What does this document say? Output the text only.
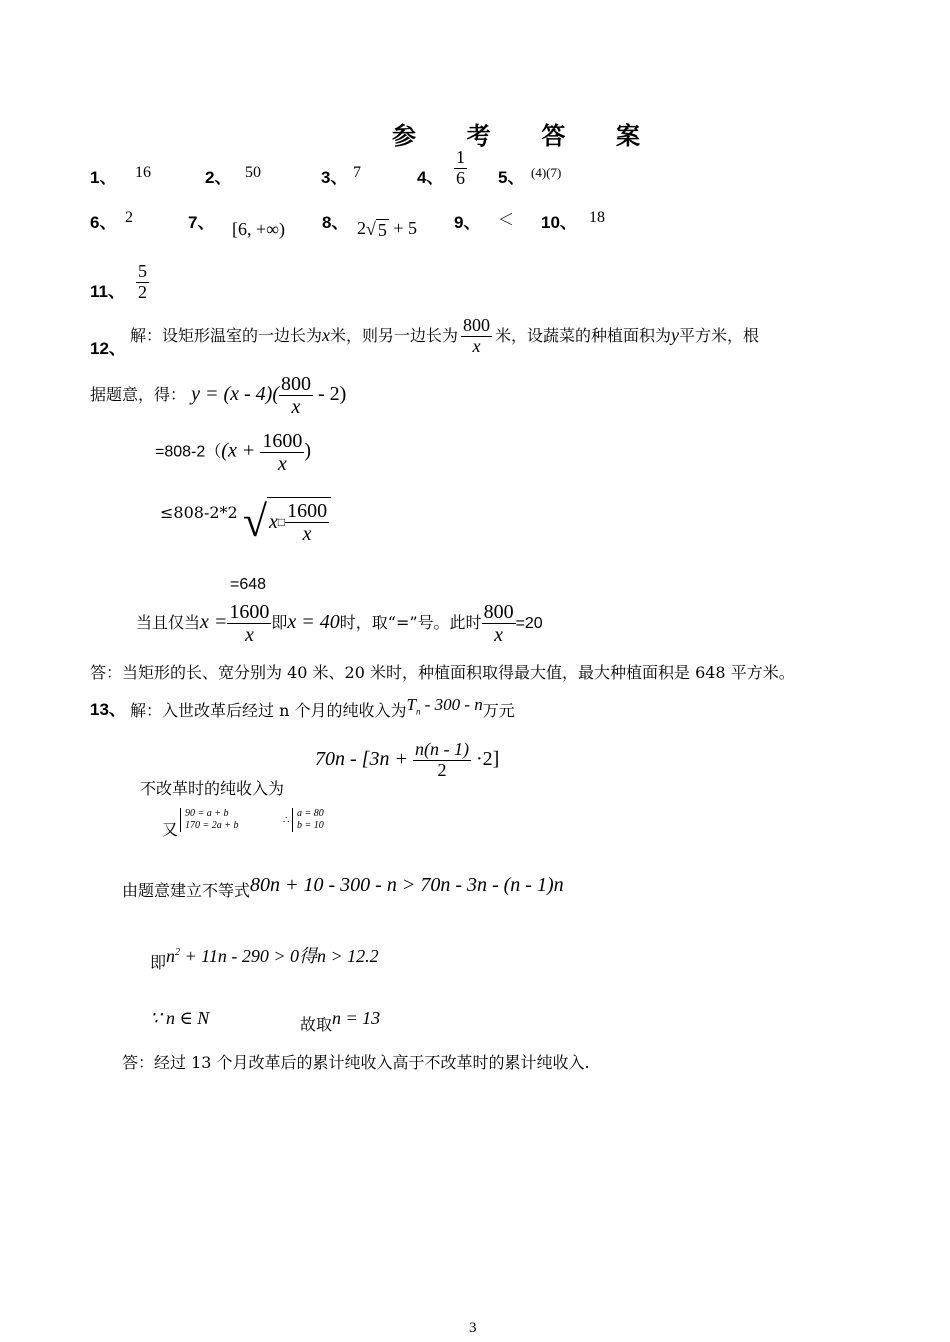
参 考 答 案
1、 16	2、 50	3、 7	4、 $\frac{1}{6} 5$、 (4)(7)
6、 2	7、 [6, +∞) 8、 2 √ 5 + 5 9、 ＜ 10、 18
11、 $\frac{5}{2}$
12、
解：设矩形温室的一边长为x米，则另一边长为 $\frac{800}{x}$ 米，设蔬菜的种植面积为y平方米，根
据题意，得： $y = (x - 4)( \frac{800}{x} - 2)$
$=808-2((x + \frac{1600}{x}$ )
≤808-2*2 √ x □ $\frac{1600}{x}$
=648
当且仅当$x = \frac{1600}{x}$ 即x = 40时，取“=”号。此时 $\frac{800}{x} =20$
答：当矩形的长、宽分别为 40 米、20 米时，种植面积取得最大值，最大种植面积是 648 平方米。
13、 解：入世改革后经过 n 个月的纯收入为$T_n - 300$ - n万元
$70n - [3n + \frac{n(n - 1)}{2} \cdot 2]$
不改革时的纯收入为
又
90 = a + b
170 = 2a + b	∴
a = 80
b = 10
由题意建立不等式80n + 10 - 300 - n > 70n - 3n - (n - 1)n
即$n^2 + 11n - 290 > 0$得n > 12.2
∵ n ∈ N	故取n = 13
答：经过 13 个月改革后的累计纯收入高于不改革时的累计纯收入.
3
